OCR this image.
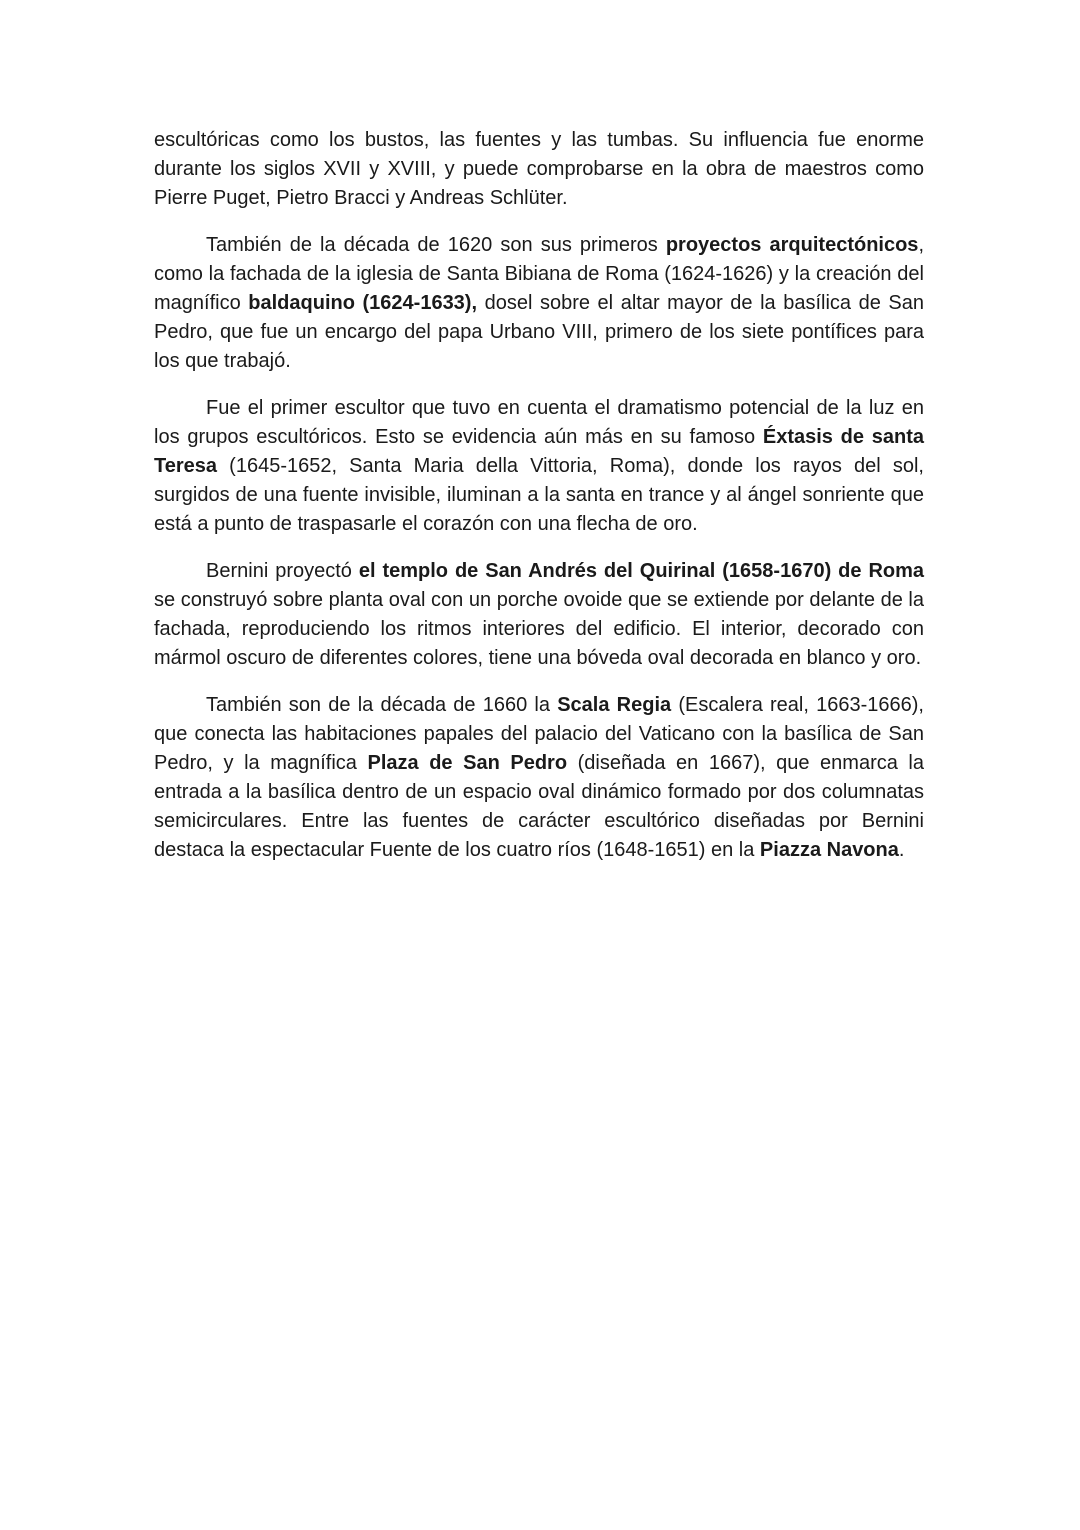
escultóricas como los bustos, las fuentes y las tumbas. Su influencia fue enorme durante los siglos XVII y XVIII, y puede comprobarse en la obra de maestros como Pierre Puget, Pietro Bracci y Andreas Schlüter.

También de la década de 1620 son sus primeros proyectos arquitectónicos, como la fachada de la iglesia de Santa Bibiana de Roma (1624-1626) y la creación del magnífico baldaquino (1624-1633), dosel sobre el altar mayor de la basílica de San Pedro, que fue un encargo del papa Urbano VIII, primero de los siete pontífices para los que trabajó.

Fue el primer escultor que tuvo en cuenta el dramatismo potencial de la luz en los grupos escultóricos. Esto se evidencia aún más en su famoso Éxtasis de santa Teresa (1645-1652, Santa Maria della Vittoria, Roma), donde los rayos del sol, surgidos de una fuente invisible, iluminan a la santa en trance y al ángel sonriente que está a punto de traspasarle el corazón con una flecha de oro.

Bernini proyectó el templo de San Andrés del Quirinal (1658-1670) de Roma se construyó sobre planta oval con un porche ovoide que se extiende por delante de la fachada, reproduciendo los ritmos interiores del edificio. El interior, decorado con mármol oscuro de diferentes colores, tiene una bóveda oval decorada en blanco y oro.

También son de la década de 1660 la Scala Regia (Escalera real, 1663-1666), que conecta las habitaciones papales del palacio del Vaticano con la basílica de San Pedro, y la magnífica Plaza de San Pedro (diseñada en 1667), que enmarca la entrada a la basílica dentro de un espacio oval dinámico formado por dos columnatas semicirculares. Entre las fuentes de carácter escultórico diseñadas por Bernini destaca la espectacular Fuente de los cuatro ríos (1648-1651) en la Piazza Navona.
